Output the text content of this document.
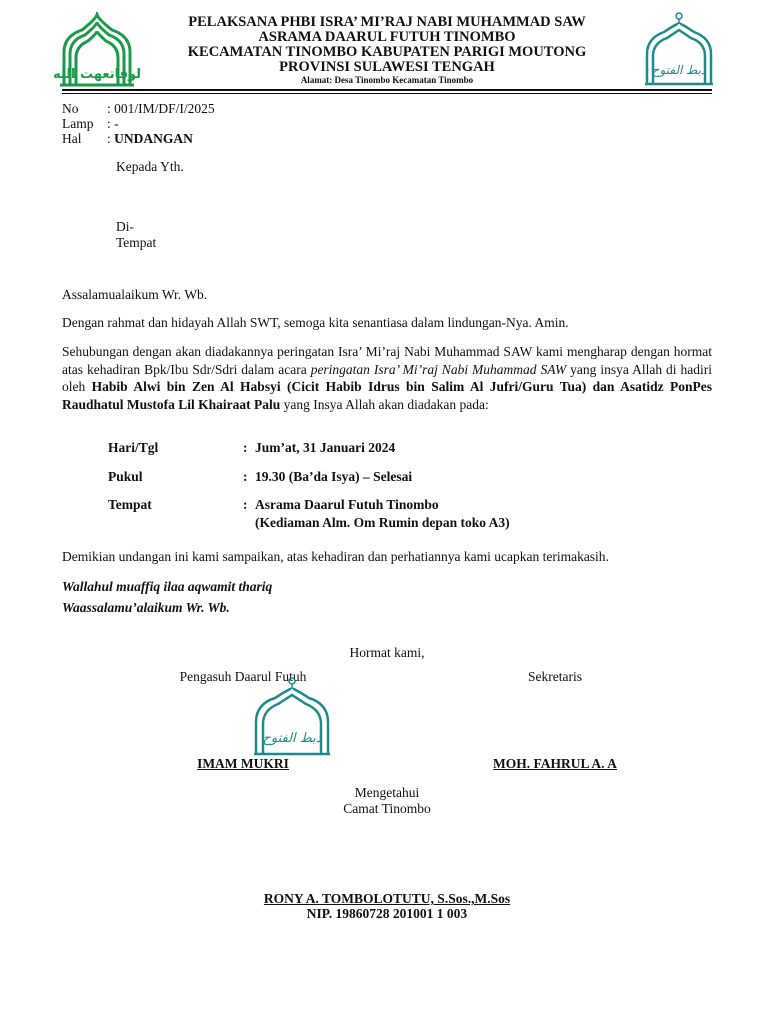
لوفاتعهت الله	دبط الفتوح
PELAKSANA PHBI ISRA’ MI’RAJ NABI MUHAMMAD SAW
ASRAMA DAARUL FUTUH TINOMBO
KECAMATAN TINOMBO KABUPATEN PARIGI MOUTONG
PROVINSI SULAWESI TENGAH
Alamat: Desa Tinombo Kecamatan Tinombo
No : 001/IM/DF/I/2025
Lamp : -
Hal : UNDANGAN
Kepada Yth.
Di-
Tempat
Assalamualaikum Wr. Wb.
Dengan rahmat dan hidayah Allah SWT, semoga kita senantiasa dalam lindungan-Nya. Amin.
Sehubungan dengan akan diadakannya peringatan Isra’ Mi’raj Nabi Muhammad SAW kami mengharap dengan hormat atas kehadiran Bpk/Ibu Sdr/Sdri dalam acara peringatan Isra’ Mi’raj Nabi Muhammad SAW yang insya Allah di hadiri oleh Habib Alwi bin Zen Al Habsyi (Cicit Habib Idrus bin Salim Al Jufri/Guru Tua) dan Asatidz PonPes Raudhatul Mustofa Lil Khairaat Palu yang Insya Allah akan diadakan pada:
Hari/Tgl	: Jum’at, 31 Januari 2024
Pukul	: 19.30 (Ba’da Isya) – Selesai
Tempat	: Asrama Daarul Futuh Tinombo
(Kediaman Alm. Om Rumin depan toko A3)
Demikian undangan ini kami sampaikan, atas kehadiran dan perhatiannya kami ucapkan terimakasih.
Wallahul muaffiq ilaa aqwamit thariq
Waassalamu’alaikum Wr. Wb.
Hormat kami,
Pengasuh Daarul Futuh	Sekretaris
دبط الفتوح
IMAM MUKRI	MOH. FAHRUL A. A
Mengetahui
Camat Tinombo
RONY A. TOMBOLOTUTU, S.Sos.,M.Sos
NIP. 19860728 201001 1 003
